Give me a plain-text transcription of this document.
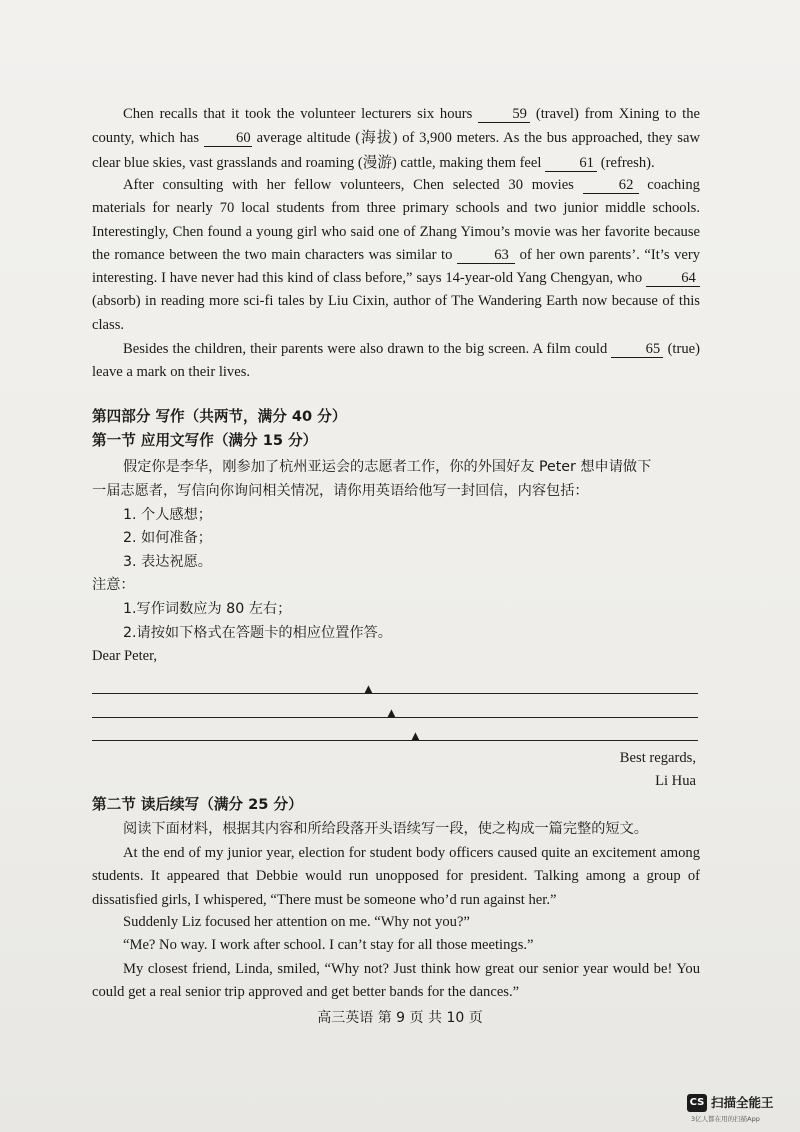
Chen recalls that it took the volunteer lecturers six hours	59 (travel) from Xining to the county, which has	60 average altitude (海拔) of 3,900 meters. As the bus approached, they saw clear blue skies, vast grasslands and roaming (漫游) cattle, making them feel	61 (refresh).
After consulting with her fellow volunteers, Chen selected 30 movies	62 coaching materials for nearly 70 local students from three primary schools and two junior middle schools. Interestingly, Chen found a young girl who said one of Zhang Yimou’s movie was her favorite because the romance between the two main characters was similar to	63 of her own parents’. “It’s very interesting. I have never had this kind of class before,” says 14-year-old Yang Chengyan, who	64 (absorb) in reading more sci-fi tales by Liu Cixin, author of The Wandering Earth now because of this class.
Besides the children, their parents were also drawn to the big screen. A film could	65 (true) leave a mark on their lives.
第四部分 写作（共两节，满分 40 分）
第一节 应用文写作（满分 15 分）
假定你是李华，刚参加了杭州亚运会的志愿者工作，你的外国好友 Peter 想申请做下
一届志愿者，写信向你询问相关情况，请你用英语给他写一封回信，内容包括：
1. 个人感想；
2. 如何准备；
3. 表达祝愿。
注意：
1.写作词数应为 80 左右；
2.请按如下格式在答题卡的相应位置作答。
Dear Peter,
▲
▲
▲
Best regards,
Li Hua
第二节 读后续写（满分 25 分）
阅读下面材料，根据其内容和所给段落开头语续写一段，使之构成一篇完整的短文。
At the end of my junior year, election for student body officers caused quite an excitement among students. It appeared that Debbie would run unopposed for president. Talking among a group of dissatisfied girls, I whispered, “There must be someone who’d run against her.”
Suddenly Liz focused her attention on me. “Why not you?”
“Me? No way. I work after school. I can’t stay for all those meetings.”
My closest friend, Linda, smiled, “Why not? Just think how great our senior year would be! You could get a real senior trip approved and get better bands for the dances.”
高三英语 第 9 页 共 10 页
CS 扫描全能王
3亿人都在用的扫描App
